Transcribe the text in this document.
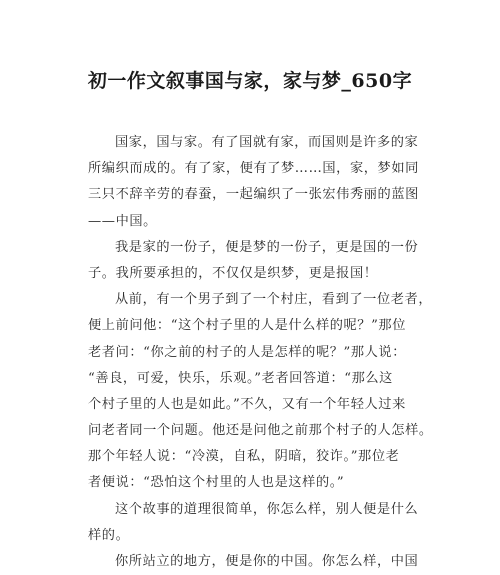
初一作文叙事国与家，家与梦_650字
国家，国与家。有了国就有家，而国则是许多的家
所编织而成的。有了家，便有了梦……国，家，梦如同
三只不辞辛劳的春蚕，一起编织了一张宏伟秀丽的蓝图
——中国。
我是家的一份子，便是梦的一份子，更是国的一份
子。我所要承担的，不仅仅是织梦，更是报国！
从前，有一个男子到了一个村庄，看到了一位老者，
便上前问他：“这个村子里的人是什么样的呢？”那位
老者问：“你之前的村子的人是怎样的呢？”那人说：
“善良，可爱，快乐，乐观。”老者回答道：“那么这
个村子里的人也是如此。”不久，又有一个年轻人过来
问老者同一个问题。他还是问他之前那个村子的人怎样。
那个年轻人说：“冷漠，自私，阴暗，狡诈。”那位老
者便说：“恐怕这个村里的人也是这样的。”
这个故事的道理很简单，你怎么样，别人便是什么
样的。
你所站立的地方，便是你的中国。你怎么样，中国
